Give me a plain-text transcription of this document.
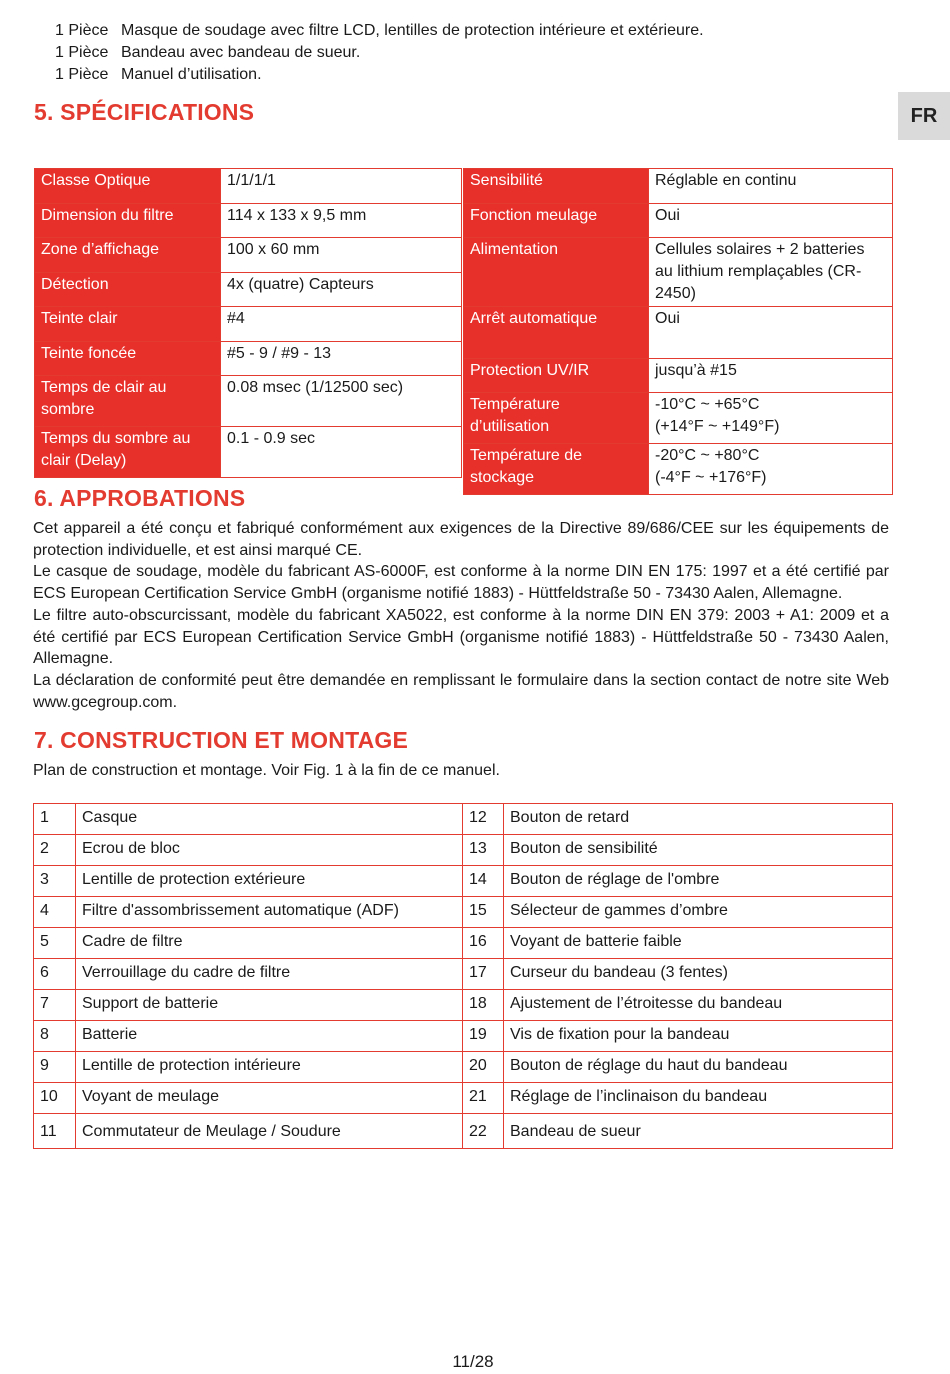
1 Pièce Masque de soudage avec filtre LCD, lentilles de protection intérieure et extérieure.
1 Pièce Bandeau avec bandeau de sueur.
1 Pièce Manuel d’utilisation.
FR
5. SPÉCIFICATIONS
Classe Optique	1/1/1/1
Dimension du filtre	114 x 133 x 9,5 mm
Zone d’affichage	100 x 60 mm
Détection	4x (quatre) Capteurs
Teinte clair	#4
Teinte foncée	#5 - 9 / #9 - 13
Temps de clair au sombre	0.08 msec (1/12500 sec)
Temps du sombre au clair (Delay)	0.1 - 0.9 sec
Sensibilité	Réglable en continu
Fonction meulage	Oui
Alimentation	Cellules solaires + 2 batteries au lithium remplaçables (CR-2450)
Arrêt automatique	Oui
Protection UV/IR	jusqu’à #15
Température d’utilisation	-10°C ~ +65°C
(+14°F ~ +149°F)

Température de stockage	-20°C ~ +80°C
(-4°F ~ +176°F)
6. APPROBATIONS

Cet appareil a été conçu et fabriqué conformément aux exigences de la Directive 89/686/CEE sur les équipements de protection individuelle, et est ainsi marqué CE.

Le casque de soudage, modèle du fabricant AS-6000F, est conforme à la norme DIN EN 175: 1997 et a été certifié par ECS European Certification Service GmbH (organisme notifié 1883) - Hüttfeldstraße 50 - 73430 Aalen, Allemagne.

Le filtre auto-obscurcissant, modèle du fabricant XA5022, est conforme à la norme DIN EN 379: 2003 + A1: 2009 et a été certifié par ECS European Certification Service GmbH (organisme notifié 1883) - Hüttfeldstraße 50 - 73430 Aalen, Allemagne.

La déclaration de conformité peut être demandée en remplissant le formulaire dans la section contact de notre site Web www.gcegroup.com.

7. CONSTRUCTION ET MONTAGE
Plan de construction et montage. Voir Fig. 1 à la fin de ce manuel.
1	Casque	12	Bouton de retard
2	Ecrou de bloc	13	Bouton de sensibilité
3	Lentille de protection extérieure	14	Bouton de réglage de l'ombre
4	Filtre d'assombrissement automatique (ADF)	15	Sélecteur de gammes d’ombre
5	Cadre de filtre	16	Voyant de batterie faible
6	Verrouillage du cadre de filtre	17	Curseur du bandeau (3 fentes)
7	Support de batterie	18	Ajustement de l’étroitesse du bandeau
8	Batterie	19	Vis de fixation pour la bandeau
9	Lentille de protection intérieure	20	Bouton de réglage du haut du bandeau
10	Voyant de meulage	21	Réglage de l’inclinaison du bandeau
11	Commutateur de Meulage / Soudure	22	Bandeau de sueur
11/28
